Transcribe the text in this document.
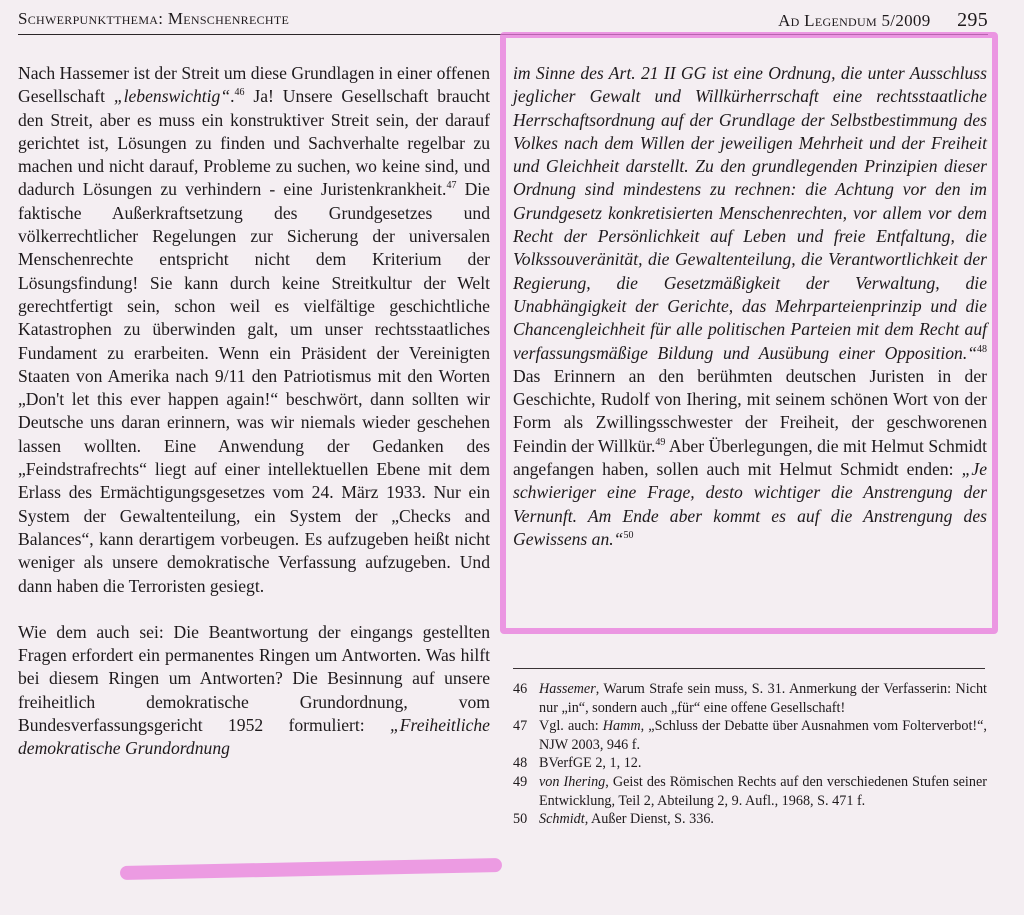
Schwerpunktthema: Menschenrechte	Ad Legendum 5/2009 295

Nach Hassemer ist der Streit um diese Grundlagen in einer offenen Gesellschaft „lebenswichtig“.$^{46}$ Ja! Unsere Gesellschaft braucht den Streit, aber es muss ein konstruktiver Streit sein, der darauf gerichtet ist, Lösungen zu finden und Sachverhalte regelbar zu machen und nicht darauf, Probleme zu suchen, wo keine sind, und dadurch Lösungen zu verhindern - eine Juristenkrankheit.$^{47}$ Die faktische Außerkraftsetzung des Grundgesetzes und völkerrechtlicher Regelungen zur Sicherung der universalen Menschenrechte entspricht nicht dem Kriterium der Lösungsfindung! Sie kann durch keine Streitkultur der Welt gerechtfertigt sein, schon weil es vielfältige geschichtliche Katastrophen zu überwinden galt, um unser rechtsstaatliches Fundament zu erarbeiten. Wenn ein Präsident der Vereinigten Staaten von Amerika nach 9/11 den Patriotismus mit den Worten „Don't let this ever happen again!“ beschwört, dann sollten wir Deutsche uns daran erinnern, was wir niemals wieder geschehen lassen wollten. Eine Anwendung der Gedanken des „Feindstrafrechts“ liegt auf einer intellektuellen Ebene mit dem Erlass des Ermächtigungsgesetzes vom 24. März 1933. Nur ein System der Gewaltenteilung, ein System der „Checks and Balances“, kann derartigem vorbeugen. Es aufzugeben heißt nicht weniger als unsere demokratische Verfassung aufzugeben. Und dann haben die Terroristen gesiegt.

Wie dem auch sei: Die Beantwortung der eingangs gestellten Fragen erfordert ein permanentes Ringen um Antworten. Was hilft bei diesem Ringen um Antworten? Die Besinnung auf unsere freiheitlich demokratische Grundordnung, vom Bundesverfassungsgericht 1952 formuliert: „Freiheitliche demokratische Grundordnung

im Sinne des Art. 21 II GG ist eine Ordnung, die unter Ausschluss jeglicher Gewalt und Willkürherrschaft eine rechtsstaatliche Herrschaftsordnung auf der Grundlage der Selbstbestimmung des Volkes nach dem Willen der jeweiligen Mehrheit und der Freiheit und Gleichheit darstellt. Zu den grundlegenden Prinzipien dieser Ordnung sind mindestens zu rechnen: die Achtung vor den im Grundgesetz konkretisierten Menschenrechten, vor allem vor dem Recht der Persönlichkeit auf Leben und freie Entfaltung, die Volkssouveränität, die Gewaltenteilung, die Verantwortlichkeit der Regierung, die Gesetzmäßigkeit der Verwaltung, die Unabhängigkeit der Gerichte, das Mehrparteienprinzip und die Chancengleichheit für alle politischen Parteien mit dem Recht auf verfassungsmäßige Bildung und Ausübung einer Opposition.“$^{48}$ Das Erinnern an den berühmten deutschen Juristen in der Geschichte, Rudolf von Ihering, mit seinem schönen Wort von der Form als Zwillingsschwester der Freiheit, der geschworenen Feindin der Willkür.$^{49}$ Aber Überlegungen, die mit Helmut Schmidt angefangen haben, sollen auch mit Helmut Schmidt enden: „Je schwieriger eine Frage, desto wichtiger die Anstrengung der Vernunft. Am Ende aber kommt es auf die Anstrengung des Gewissens an.“$^{50}$

46 Hassemer, Warum Strafe sein muss, S. 31. Anmerkung der Verfasserin: Nicht nur „in“, sondern auch „für“ eine offene Gesellschaft!
47 Vgl. auch: Hamm, „Schluss der Debatte über Ausnahmen vom Folterverbot!“, NJW 2003, 946 f.
48 BVerfGE 2, 1, 12.
49 von Ihering, Geist des Römischen Rechts auf den verschiedenen Stufen seiner Entwicklung, Teil 2, Abteilung 2, 9. Aufl., 1968, S. 471 f.
50 Schmidt, Außer Dienst, S. 336.
